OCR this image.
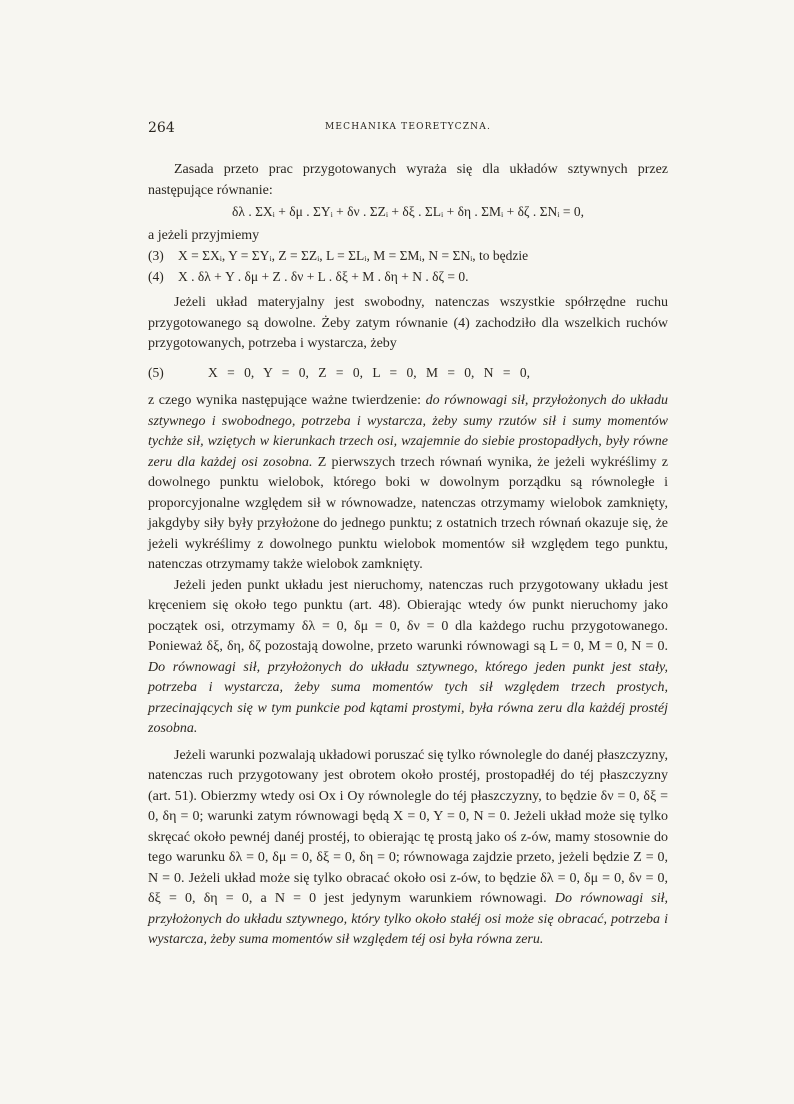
264	MECHANIKA TEORETYCZNA.

Zasada przeto prac przygotowanych wyraża się dla układów sztywnych przez następujące równanie:

δλ . ΣXᵢ + δμ . ΣYᵢ + δν . ΣZᵢ + δξ . ΣLᵢ + δη . ΣMᵢ + δζ . ΣNᵢ = 0,

a jeżeli przyjmiemy

(3)	X = ΣXᵢ, Y = ΣYᵢ, Z = ΣZᵢ, L = ΣLᵢ, M = ΣMᵢ, N = ΣNᵢ, to będzie
(4)	X . δλ + Y . δμ + Z . δν + L . δξ + M . δη + N . δζ = 0.

Jeżeli układ materyjalny jest swobodny, natenczas wszystkie spółrzędne ruchu przygotowanego są dowolne. Żeby zatym równanie (4) zachodziło dla wszelkich ruchów przygotowanych, potrzeba i wystarcza, żeby

(5)	X = 0, Y = 0, Z = 0, L = 0, M = 0, N = 0,

z czego wynika następujące ważne twierdzenie: do równowagi sił, przyłożonych do układu sztywnego i swobodnego, potrzeba i wystarcza, żeby sumy rzutów sił i sumy momentów tychże sił, wziętych w kierunkach trzech osi, wzajemnie do siebie prostopadłych, były równe zeru dla każdej osi zosobna. Z pierwszych trzech równań wynika, że jeżeli wykréślimy z dowolnego punktu wielobok, którego boki w dowolnym porządku są równoległe i proporcyjonalne względem sił w równowadze, natenczas otrzymamy wielobok zamknięty, jakgdyby siły były przyłożone do jednego punktu; z ostatnich trzech równań okazuje się, że jeżeli wykréślimy z dowolnego punktu wielobok momentów sił względem tego punktu, natenczas otrzymamy także wielobok zamknięty.

Jeżeli jeden punkt układu jest nieruchomy, natenczas ruch przygotowany układu jest kręceniem się około tego punktu (art. 48). Obierając wtedy ów punkt nieruchomy jako początek osi, otrzymamy δλ = 0, δμ = 0, δν = 0 dla każdego ruchu przygotowanego. Ponieważ δξ, δη, δζ pozostają dowolne, przeto warunki równowagi są L = 0, M = 0, N = 0. Do równowagi sił, przyłożonych do układu sztywnego, którego jeden punkt jest stały, potrzeba i wystarcza, żeby suma momentów tych sił względem trzech prostych, przecinających się w tym punkcie pod kątami prostymi, była równa zeru dla każdéj prostéj zosobna.

Jeżeli warunki pozwalają układowi poruszać się tylko równolegle do danéj płaszczyzny, natenczas ruch przygotowany jest obrotem około prostéj, prostopadłéj do téj płaszczyzny (art. 51). Obierzmy wtedy osi Ox i Oy równolegle do téj płaszczyzny, to będzie δν = 0, δξ = 0, δη = 0; warunki zatym równowagi będą X = 0, Y = 0, N = 0. Jeżeli układ może się tylko skręcać około pewnéj danéj prostéj, to obierając tę prostą jako oś z-ów, mamy stosownie do tego warunku δλ = 0, δμ = 0, δξ = 0, δη = 0; równowaga zajdzie przeto, jeżeli będzie Z = 0, N = 0. Jeżeli układ może się tylko obracać około osi z-ów, to będzie δλ = 0, δμ = 0, δν = 0, δξ = 0, δη = 0, a N = 0 jest jedynym warunkiem równowagi. Do równowagi sił, przyłożonych do układu sztywnego, który tylko około stałéj osi może się obracać, potrzeba i wystarcza, żeby suma momentów sił względem téj osi była równa zeru.
